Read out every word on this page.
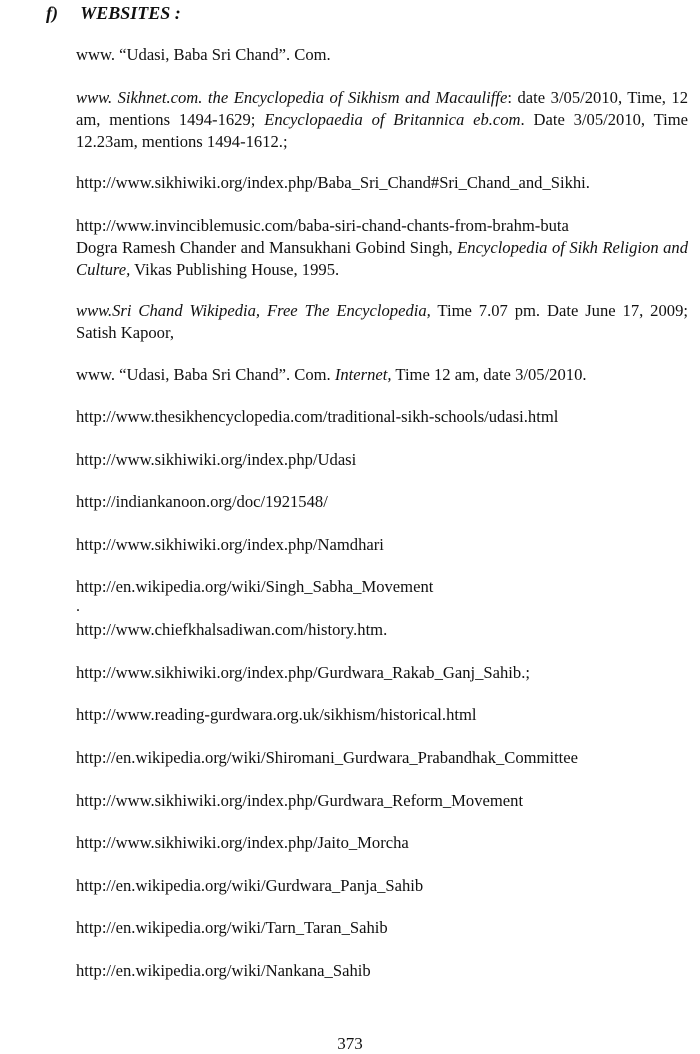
f) WEBSITES :
www. “Udasi, Baba Sri Chand”. Com.
www. Sikhnet.com. the Encyclopedia of Sikhism and Macauliffe: date 3/05/2010, Time, 12 am, mentions 1494-1629; Encyclopaedia of Britannica eb.com. Date 3/05/2010, Time 12.23am, mentions 1494-1612.;
http://www.sikhiwiki.org/index.php/Baba_Sri_Chand#Sri_Chand_and_Sikhi.
http://www.invinciblemusic.com/baba-siri-chand-chants-from-brahm-buta
Dogra Ramesh Chander and Mansukhani Gobind Singh, Encyclopedia of Sikh Religion and Culture, Vikas Publishing House, 1995.
www.Sri Chand Wikipedia, Free The Encyclopedia, Time 7.07 pm. Date June 17, 2009; Satish Kapoor,
www. “Udasi, Baba Sri Chand”. Com. Internet, Time 12 am, date 3/05/2010.
http://www.thesikhencyclopedia.com/traditional-sikh-schools/udasi.html
http://www.sikhiwiki.org/index.php/Udasi
http://indiankanoon.org/doc/1921548/
http://www.sikhiwiki.org/index.php/Namdhari
http://en.wikipedia.org/wiki/Singh_Sabha_Movement
http://www.chiefkhalsadiwan.com/history.htm.
http://www.sikhiwiki.org/index.php/Gurdwara_Rakab_Ganj_Sahib.;
http://www.reading-gurdwara.org.uk/sikhism/historical.html
http://en.wikipedia.org/wiki/Shiromani_Gurdwara_Prabandhak_Committee
http://www.sikhiwiki.org/index.php/Gurdwara_Reform_Movement
http://www.sikhiwiki.org/index.php/Jaito_Morcha
http://en.wikipedia.org/wiki/Gurdwara_Panja_Sahib
http://en.wikipedia.org/wiki/Tarn_Taran_Sahib
http://en.wikipedia.org/wiki/Nankana_Sahib
.
373
